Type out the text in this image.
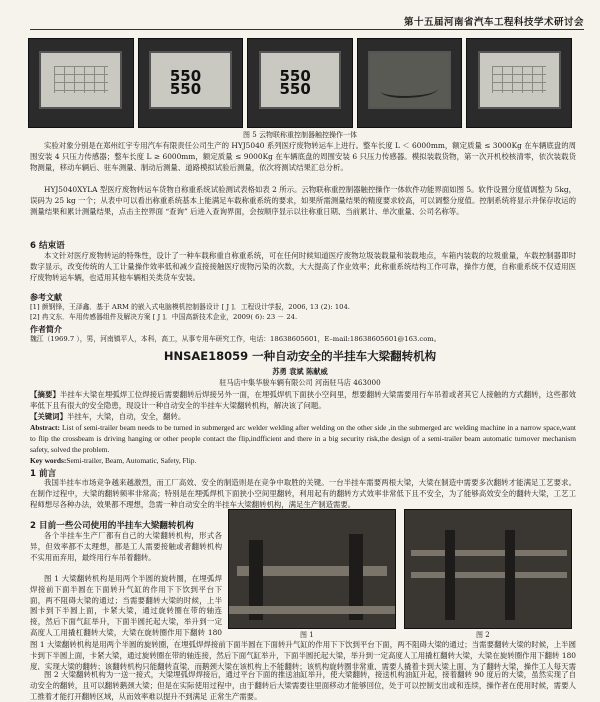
第十五届河南省汽车工程科技学术研讨会
550
550
550
550
图 5 云物联称重控制器触控操作一体

实验对象分别是在郑州红宇专用汽车有限责任公司生产的 HYJ5040 系列医疗废物转运车上进行。整车长度 L ＜ 6000mm，额定质量 ≤ 3000Kg 在车辆底盘的周围安装 4 只压力传感器；整车长度 L ≥ 6000mm，额定质量 ≤ 9000Kg 在车辆底盘的周围安装 6 只压力传感器。模拟装载货物，第一次开机校核清零，依次装载货物测量，移动车辆后、驻车测量、制动后测量、道路模拟试验后测量，依次将测试结果汇总分析。

HYJ5040XYLA 型医疗废物转运车货物自称重系统试验测试表格如表 2 所示。云物联称重控制器触控操作一体软件功能界面如图 5。软件设置分度值调整为 5kg，误码为 25 kg 一个；从表中可以看出称重系统基本上能满足车载称重系统的要求，如果所需测量结果的精度要求较高，可以调整分度值。控制系统将显示并保存收运的测量结果和累计测量结果，点击主控界面 “查询” 后进入查询界面，会按顺序显示以往称重日期、当前累计、单次重量、公司名称等。

6 结束语

本文针对医疗废物转运的特殊性，设计了一种车载称重自称重系统，可在任何时候知道医疗废物垃圾装载量和装载地点，车箱内装载的垃圾重量，车载控制器即时数字显示，改变传统的人工计量操作效率低和减少直接接触医疗废物污染的次数，大大提高了作业效率；此称重系统结构工作可靠，操作方便，自称重系统不仅适用医疗废物转运车辆，也适用其他车辆相关类货车安装。

参考文献
[1] 颜钢锋，王泽鑫．基于 ARM 的嵌入式电脑模机控制器设计 [ J ]．工程设计学报，2006, 13 (2): 104.
[2] 冉文东．车用传感器组件及解决方案 [ J ]．中国高新技术企业，2009( 6): 23 － 24.
作者简介
魏江（1969.7 ），男，河南镇平人，本科，高工，从事专用车研究工作，电话：18638605601，E–mail:18638605601@163.com。
HNSAE18059 一种自动安全的半挂车大梁翻转机构
苏勇 袁斌 陈献威
驻马店中集华骏车辆有限公司 河南驻马店 463000

【摘要】半挂车大梁在埋弧焊工位焊接后需要翻转后焊接另外一面，在埋弧焊机下面狭小空间里，想要翻转大梁需要用行车吊着或者其它人接触的方式翻转，这些都效率低下且有很大的安全隐患，现设计一种自动安全的半挂车大梁翻转机构，解决该了问题。

【关键词】半挂车，大梁，自动，安全，翻转。

Abstract: List of semi-trailer beam needs to be turned in submerged arc welder welding after welding on the other side ,in the submerged arc welding machine in a narrow space,want to flip the crossbeam is driving hanging or other people contact the flip,indfficient and there in a big security risk,the design of a semi-trailer beam automatic turnover mechanism safety, solved the problem.

Key words:Semi-trailer, Beam, Automatic, Safety, Flip.

1 前言

我国半挂车市场竞争越来越激烈，而工厂高效、安全的制造则是在竞争中取胜的关键。一台半挂车需要两根大梁，大梁在制造中需要多次翻转才能满足工艺要求。在制作过程中，大梁的翻转频率非常高；特别是在埋弧焊机下面狭小空间里翻转，利用起有的翻转方式效率非常低下且不安全，为了能够高效安全的翻转大梁，工艺工程师想尽各种办法，效果都不理想，急需一种自动安全的半挂车大梁翻转机构，满足生产制造需要。

2 目前一些公司使用的半挂车大梁翻转机构

各个半挂车生产厂都有自己的大梁翻转机构，形式各异，但效率都不太理想，都是工人需要接触或者翻转机构不实用而弃用，最终用行车吊着翻转。

图 1	图 2

图 1 大梁翻转机构是用两个半圆的旋转圈，在埋弧焊焊接前下面半圆在下面转升气缸的作用下下饮到平台下面，两不阻碍大梁的通过；当需要翻转大梁的时候，上半圆卡到下半圆上面，卡紧大梁，通过旋转圈在带的轴连接，然后下面气缸举升，下面半圆托起大梁，举升到一定高度人工用撬杠翻转大梁，大梁在旋转圈作用下翻转 180

图 1 大梁翻转机构是用两个半圆的旋转圈，在埋弧焊焊接前下面半圆在下面转升气缸的作用下下饮到平台下面，两不阻碍大梁的通过；当需要翻转大梁的时候，上半圆卡到下半圆上面，卡紧大梁，通过旋转圈在带的轴连接，然后下面气缸举升，下面半圆托起大梁，举升到一定高度人工用撬杠翻转大梁，大梁在旋转圈作用下翻转 180 度，实现大梁的翻转；该翻转机构只能翻转直梁，而鹅颈大梁在该机构上不能翻转；该机构旋转圈非常重，需要人撬着卡到大梁上面，为了翻转大梁，操作工人每天需

图 2 大梁翻转机构为一送一接式，大梁埋弧焊焊接后，通过平台下面的推送油缸举升，使大梁翻转，接送机构油缸升起，接着翻转 90 度后的大梁，虽然实现了自动安全的翻转，且可以翻转鹅颈大梁；但是在实际使用过程中，由于翻转后大梁需要往里面移动才能够回位，处于可以控制支出或和连续，操作者在使用时候，需要人工推着才能打开翻转区域，从而效率难以提升不到满足 正常生产需要。
